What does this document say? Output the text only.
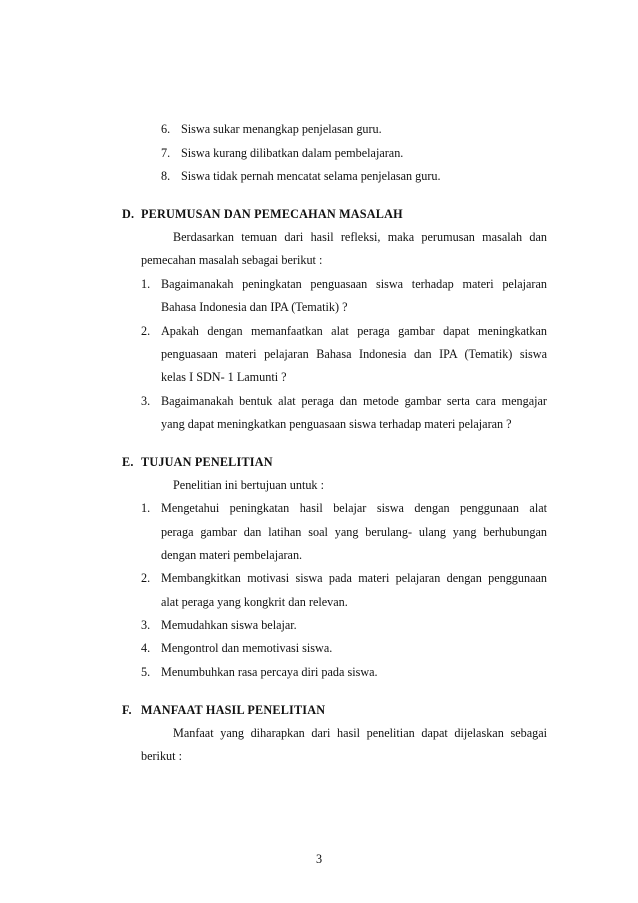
6. Siswa sukar menangkap penjelasan guru.
7. Siswa kurang dilibatkan dalam pembelajaran.
8. Siswa tidak pernah mencatat selama penjelasan guru.
D. PERUMUSAN DAN PEMECAHAN MASALAH
Berdasarkan temuan dari hasil refleksi, maka perumusan masalah dan
pemecahan masalah sebagai berikut :
1. Bagaimanakah peningkatan penguasaan siswa terhadap materi pelajaran
Bahasa Indonesia dan IPA (Tematik) ?
2. Apakah dengan memanfaatkan alat peraga gambar dapat meningkatkan
penguasaan materi pelajaran Bahasa Indonesia dan IPA (Tematik) siswa
kelas I SDN- 1 Lamunti ?
3. Bagaimanakah bentuk alat peraga dan metode gambar serta cara mengajar
yang dapat meningkatkan penguasaan siswa terhadap materi pelajaran ?
E. TUJUAN PENELITIAN
Penelitian ini bertujuan untuk :
1. Mengetahui peningkatan hasil belajar siswa dengan penggunaan alat
peraga gambar dan latihan soal yang berulang- ulang yang berhubungan
dengan materi pembelajaran.
2. Membangkitkan motivasi siswa pada materi pelajaran dengan penggunaan
alat peraga yang kongkrit dan relevan.
3. Memudahkan siswa belajar.
4. Mengontrol dan memotivasi siswa.
5. Menumbuhkan rasa percaya diri pada siswa.
F. MANFAAT HASIL PENELITIAN
Manfaat yang diharapkan dari hasil penelitian dapat dijelaskan sebagai
berikut :
3
